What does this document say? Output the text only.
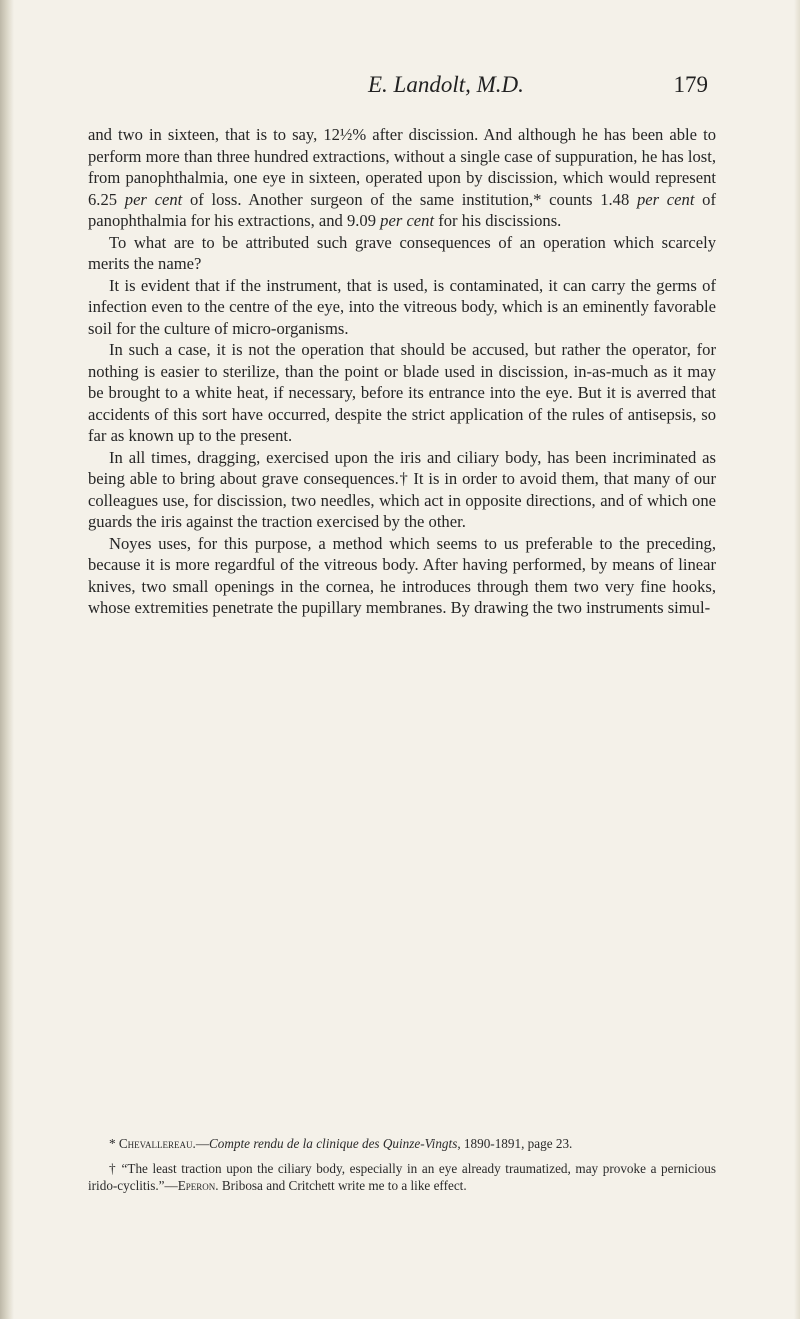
E. Landolt, M.D.	179

and two in sixteen, that is to say, 12½% after discission. And although he has been able to perform more than three hundred extractions, without a single case of suppuration, he has lost, from panophthalmia, one eye in sixteen, operated upon by discission, which would represent 6.25 per cent of loss. Another surgeon of the same institution,* counts 1.48 per cent of panophthalmia for his extractions, and 9.09 per cent for his discissions.

To what are to be attributed such grave consequences of an operation which scarcely merits the name?

It is evident that if the instrument, that is used, is contaminated, it can carry the germs of infection even to the centre of the eye, into the vitreous body, which is an eminently favorable soil for the culture of micro-organisms.

In such a case, it is not the operation that should be accused, but rather the operator, for nothing is easier to sterilize, than the point or blade used in discission, in-as-much as it may be brought to a white heat, if necessary, before its entrance into the eye. But it is averred that accidents of this sort have occurred, despite the strict application of the rules of antisepsis, so far as known up to the present.

In all times, dragging, exercised upon the iris and ciliary body, has been incriminated as being able to bring about grave consequences.† It is in order to avoid them, that many of our colleagues use, for discission, two needles, which act in opposite directions, and of which one guards the iris against the traction exercised by the other.

Noyes uses, for this purpose, a method which seems to us preferable to the preceding, because it is more regardful of the vitreous body. After having performed, by means of linear knives, two small openings in the cornea, he introduces through them two very fine hooks, whose extremities penetrate the pupillary membranes. By drawing the two instruments simul-

* Chevallereau.—Compte rendu de la clinique des Quinze-Vingts, 1890-1891, page 23.

† “The least traction upon the ciliary body, especially in an eye already traumatized, may provoke a pernicious irido-cyclitis.”—Eperon. Bribosa and Critchett write me to a like effect.
